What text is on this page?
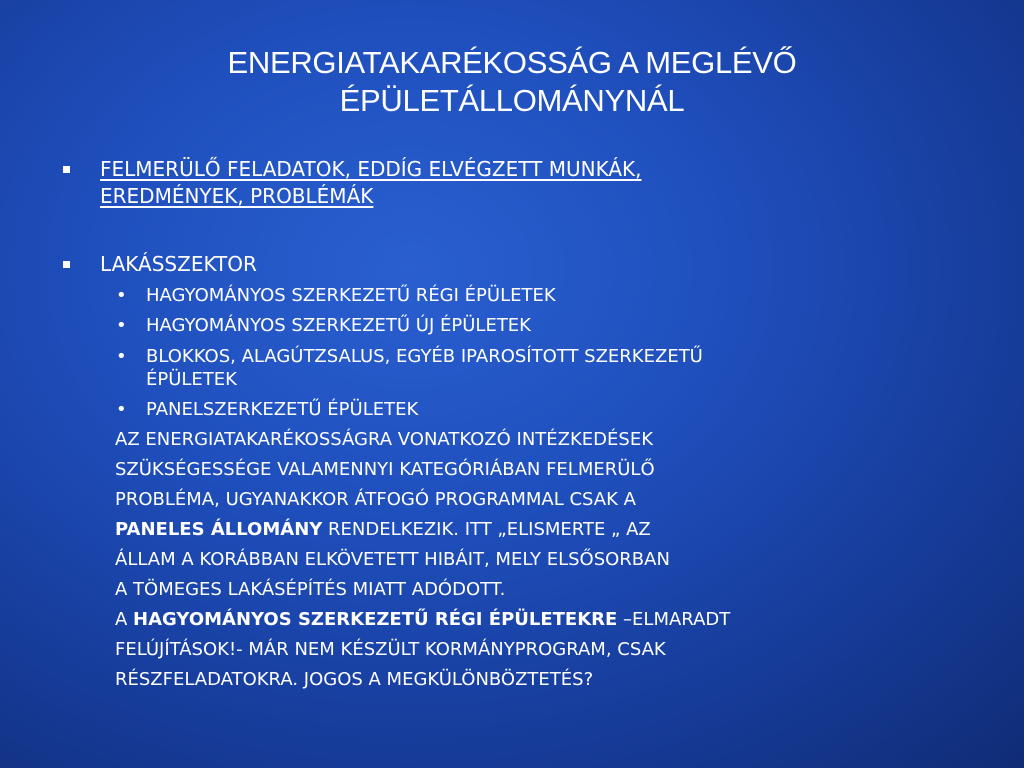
ENERGIATAKARÉKOSSÁG A MEGLÉVŐ
ÉPÜLETÁLLOMÁNYNÁL
FELMERÜLŐ FELADATOK, EDDÍG ELVÉGZETT MUNKÁK,
EREDMÉNYEK, PROBLÉMÁK
LAKÁSSZEKTOR
• HAGYOMÁNYOS SZERKEZETŰ RÉGI ÉPÜLETEK
• HAGYOMÁNYOS SZERKEZETŰ ÚJ ÉPÜLETEK
• BLOKKOS, ALAGÚTZSALUS, EGYÉB IPAROSÍTOTT SZERKEZETŰ
ÉPÜLETEK
• PANELSZERKEZETŰ ÉPÜLETEK
AZ ENERGIATAKARÉKOSSÁGRA VONATKOZÓ INTÉZKEDÉSEK
SZÜKSÉGESSÉGE VALAMENNYI KATEGÓRIÁBAN FELMERÜLŐ
PROBLÉMA, UGYANAKKOR ÁTFOGÓ PROGRAMMAL CSAK A
PANELES ÁLLOMÁNY RENDELKEZIK. ITT „ELISMERTE „ AZ
ÁLLAM A KORÁBBAN ELKÖVETETT HIBÁIT, MELY ELSŐSORBAN
A TÖMEGES LAKÁSÉPÍTÉS MIATT ADÓDOTT.
A HAGYOMÁNYOS SZERKEZETŰ RÉGI ÉPÜLETEKRE –ELMARADT
FELÚJÍTÁSOK!- MÁR NEM KÉSZÜLT KORMÁNYPROGRAM, CSAK
RÉSZFELADATOKRA. JOGOS A MEGKÜLÖNBÖZTETÉS?
